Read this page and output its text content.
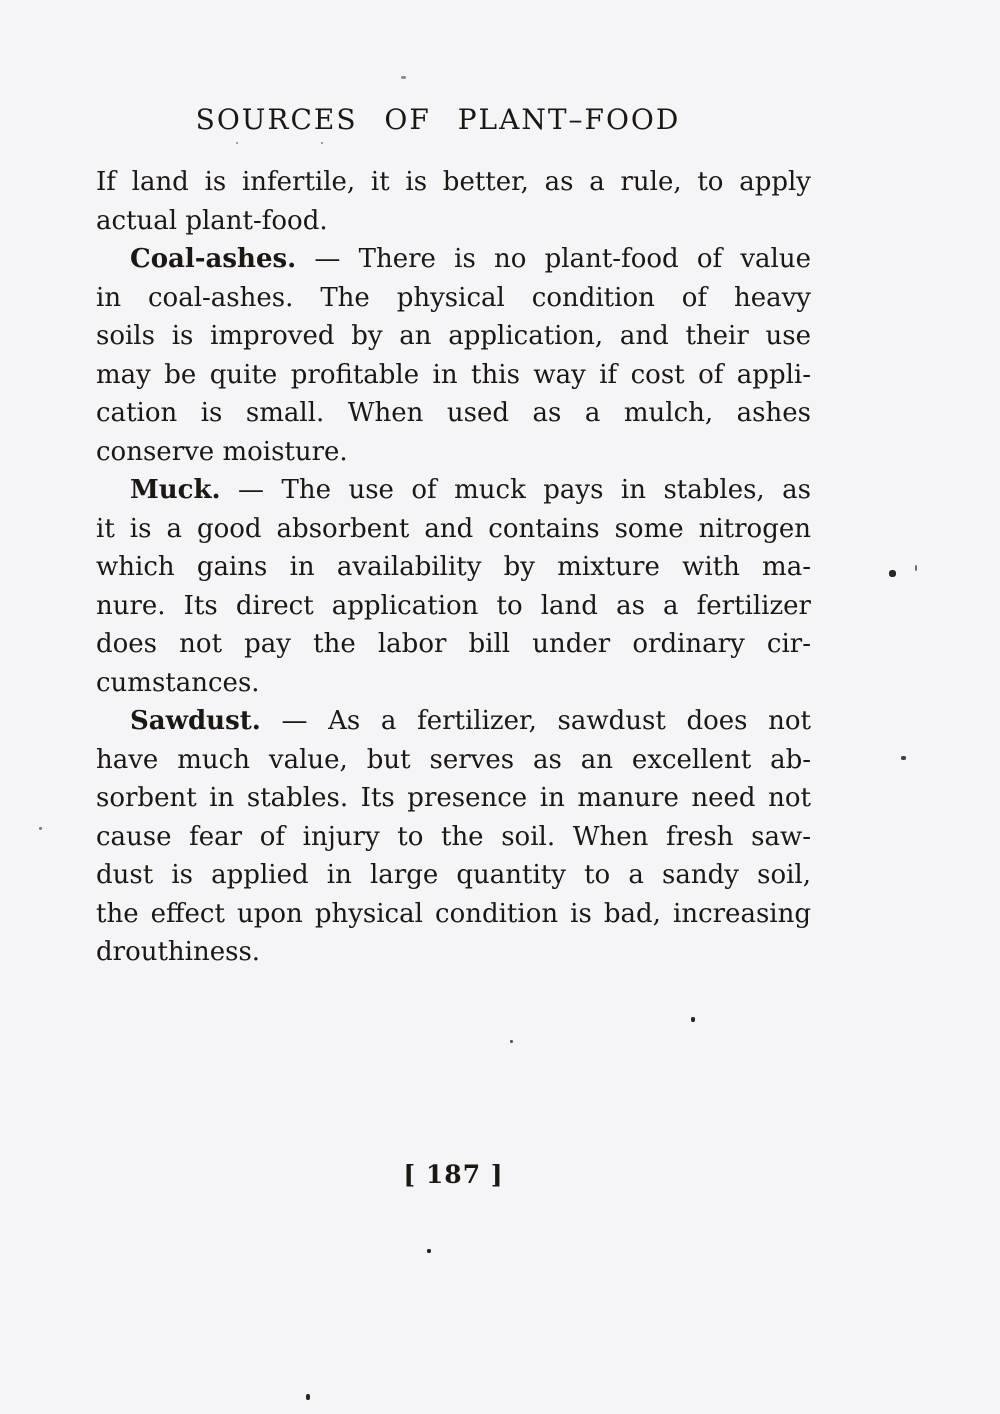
SOURCES OF PLANT–FOOD
If land is infertile, it is better, as a rule, to apply
actual plant-food.
Coal-ashes. — There is no plant-food of value
in coal-ashes. The physical condition of heavy
soils is improved by an application, and their use
may be quite profitable in this way if cost of appli-
cation is small. When used as a mulch, ashes
conserve moisture.
Muck. — The use of muck pays in stables, as
it is a good absorbent and contains some nitrogen
which gains in availability by mixture with ma-
nure. Its direct application to land as a fertilizer
does not pay the labor bill under ordinary cir-
cumstances.
Sawdust. — As a fertilizer, sawdust does not
have much value, but serves as an excellent ab-
sorbent in stables. Its presence in manure need not
cause fear of injury to the soil. When fresh saw-
dust is applied in large quantity to a sandy soil,
the effect upon physical condition is bad, increasing
drouthiness.
[ 187 ]
